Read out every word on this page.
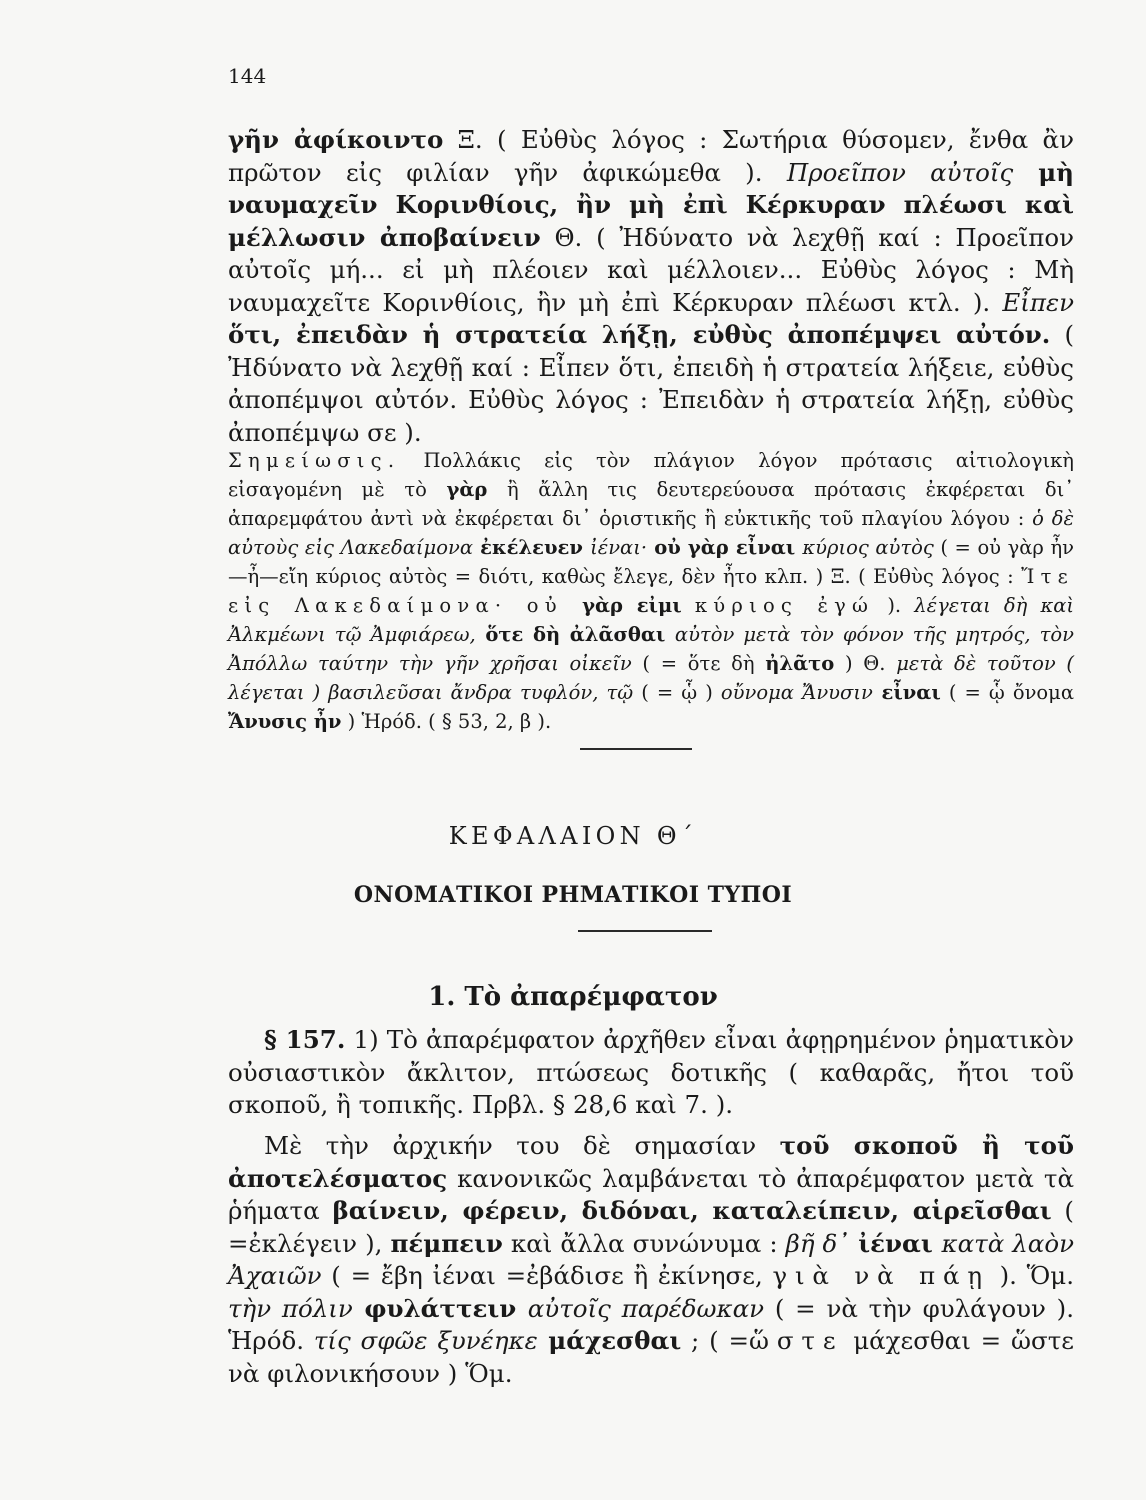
144

γῆν ἀφίκοιντο Ξ. ( Εὐθὺς λόγος : Σωτήρια θύσομεν, ἔνθα ἂν πρῶτον εἰς φιλίαν γῆν ἀφικώμεθα ). Προεῖπον αὐτοῖς μὴ ναυμαχεῖν Κορινθίοις, ἢν μὴ ἐπὶ Κέρκυραν πλέωσι καὶ μέλλωσιν ἀποβαίνειν Θ. ( Ἠδύνατο νὰ λεχθῇ καί : Προεῖπον αὐτοῖς μή... εἰ μὴ πλέοιεν καὶ μέλλοιεν... Εὐθὺς λόγος : Μὴ ναυμαχεῖτε Κορινθίοις, ἢν μὴ ἐπὶ Κέρκυραν πλέωσι κτλ. ). Εἶπεν ὅτι, ἐπειδὰν ἡ στρατεία λήξῃ, εὐθὺς ἀποπέμψει αὐτόν. ( Ἠδύνατο νὰ λεχθῇ καί : Εἶπεν ὅτι, ἐπειδὴ ἡ στρατεία λήξειε, εὐθὺς ἀποπέμψοι αὐτόν. Εὐθὺς λόγος : Ἐπειδὰν ἡ στρατεία λήξῃ, εὐθὺς ἀποπέμψω σε ).

Σημείωσις. Πολλάκις εἰς τὸν πλάγιον λόγον πρότασις αἰτιολογικὴ εἰσαγομένη μὲ τὸ γὰρ ἢ ἄλλη τις δευτερεύουσα πρότασις ἐκφέρεται δι᾽ ἀπαρεμφάτου ἀντὶ νὰ ἐκφέρεται δι᾽ ὁριστικῆς ἢ εὐκτικῆς τοῦ πλαγίου λόγου : ὁ δὲ αὐτοὺς εἰς Λακεδαίμονα ἐκέλευεν ἰέναι· οὐ γὰρ εἶναι κύριος αὐτὸς ( = οὐ γὰρ ἦν—ἦ—εἴη κύριος αὐτὸς = διότι, καθὼς ἔλεγε, δὲν ἦτο κλπ. ) Ξ. ( Εὐθὺς λόγος : Ἴτε εἰς Λακεδαίμονα· οὐ γὰρ εἰμι κύριος ἐγώ ). λέγεται δὴ καὶ Ἀλκμέωνι τῷ Ἀμφιάρεω, ὅτε δὴ ἀλᾶσθαι αὐτὸν μετὰ τὸν φόνον τῆς μητρός, τὸν Ἀπόλλω ταύτην τὴν γῆν χρῆσαι οἰκεῖν ( = ὅτε δὴ ἠλᾶτο ) Θ. μετὰ δὲ τοῦτον ( λέγεται ) βασιλεῦσαι ἄνδρα τυφλόν, τῷ ( = ᾧ ) οὔνομα Ἄνυσιν εἶναι ( = ᾧ ὄνομα Ἄνυσις ἦν ) Ἡρόδ. ( § 53, 2, β ).

ΚΕΦΑΛΑΙΟΝ Θ΄
ΟΝΟΜΑΤΙΚΟΙ ΡΗΜΑΤΙΚΟΙ ΤΥΠΟΙ
1. Τὸ ἀπαρέμφατον

§ 157. 1) Τὸ ἀπαρέμφατον ἀρχῆθεν εἶναι ἀφῃρημένον ῥηματικὸν οὐσιαστικὸν ἄκλιτον, πτώσεως δοτικῆς ( καθαρᾶς, ἤτοι τοῦ σκοποῦ, ἢ τοπικῆς. Πρβλ. § 28,6 καὶ 7. ).

Μὲ τὴν ἀρχικήν του δὲ σημασίαν τοῦ σκοποῦ ἢ τοῦ ἀποτελέσματος κανονικῶς λαμβάνεται τὸ ἀπαρέμφατον μετὰ τὰ ῥήματα βαίνειν, φέρειν, διδόναι, καταλείπειν, αἱρεῖσθαι ( =ἐκλέγειν ), πέμπειν καὶ ἄλλα συνώνυμα : βῆ δ᾽ ἰέναι κατὰ λαὸν Ἀχαιῶν ( = ἔβη ἰέναι =ἐβάδισε ἢ ἐκίνησε, γιὰ νὰ πάῃ ). Ὅμ. τὴν πόλιν φυλάττειν αὐτοῖς παρέδωκαν ( = νὰ τὴν φυλάγουν ). Ἡρόδ. τίς σφῶε ξυνέηκε μάχεσθαι ; ( =ὥστε μάχεσθαι = ὥστε νὰ φιλονικήσουν ) Ὅμ.
